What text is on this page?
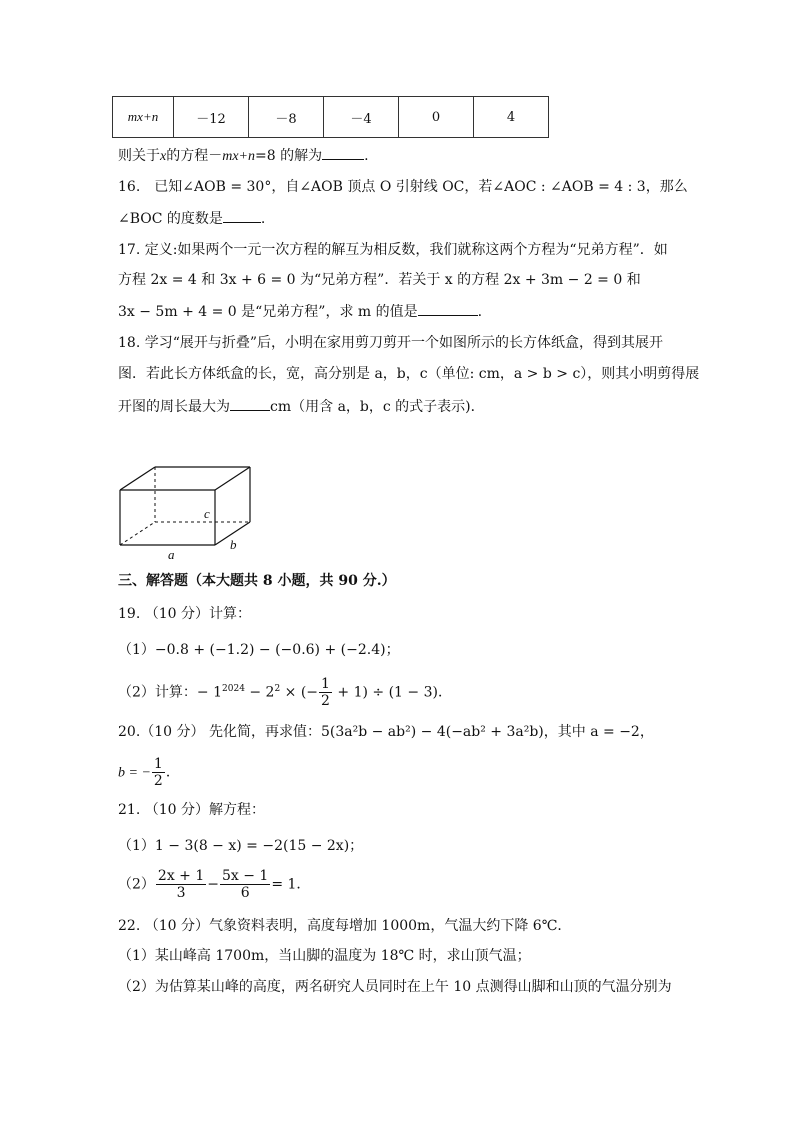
mx+n	－12	－8	－4	0	4
则关于x的方程－mx+n=8 的解为	.
16.　已知∠AOB = 30°，自∠AOB 顶点 O 引射线 OC，若∠AOC : ∠AOB = 4 : 3，那么
∠BOC 的度数是	.
17. 定义:如果两个一元一次方程的解互为相反数，我们就称这两个方程为“兄弟方程”．如
方程 2x = 4 和 3x + 6 = 0 为“兄弟方程”．若关于 x 的方程 2x + 3m − 2 = 0 和
3x − 5m + 4 = 0 是“兄弟方程”，求 m 的值是	.
18. 学习“展开与折叠”后，小明在家用剪刀剪开一个如图所示的长方体纸盒，得到其展开
图．若此长方体纸盒的长，宽，高分别是 a，b，c（单位: cm，a > b > c），则其小明剪得展
开图的周长最大为	cm（用含 a，b，c 的式子表示)．
c
a
b
三、解答题（本大题共 8 小题，共 90 分.）
19. （10 分）计算：
（1）−0.8 + (−1.2) − (−0.6) + (−2.4)；
（2）计算：− $1^{2024} - 2^2$ × (− $\frac{1}{2} + 1) \div (1 - 3)$．
20.（10 分） 先化简，再求值：5(3a²b − ab²) − 4(−ab² + 3a²b)，其中 a = −2，
b = − $\frac{1}{2}$ ．
21. （10 分）解方程：
（1）1 − 3(8 − x) = −2(15 − 2x)；
$(2) \frac{2x + 1}{3} - \frac{5x - 1}{6} = 1$．
22. （10 分）气象资料表明，高度每增加 1000m，气温大约下降 6℃．
（1）某山峰高 1700m，当山脚的温度为 18℃ 时，求山顶气温；
（2）为估算某山峰的高度，两名研究人员同时在上午 10 点测得山脚和山顶的气温分别为
